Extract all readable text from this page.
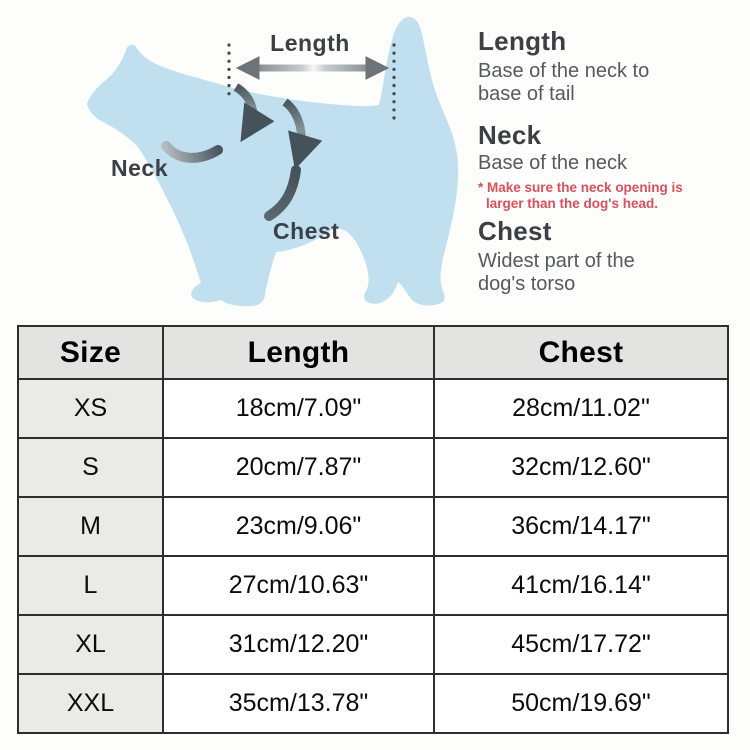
Length
Neck
Chest
Length
Base of the neck to base of tail
Neck
Base of the neck
* Make sure the neck opening is larger than the dog's head.
Chest
Widest part of the dog's torso
Size	Length	Chest
XS	18cm/7.09"	28cm/11.02"
S	20cm/7.87"	32cm/12.60"
M	23cm/9.06"	36cm/14.17"
L	27cm/10.63"	41cm/16.14"
XL	31cm/12.20"	45cm/17.72"
XXL	35cm/13.78"	50cm/19.69"
